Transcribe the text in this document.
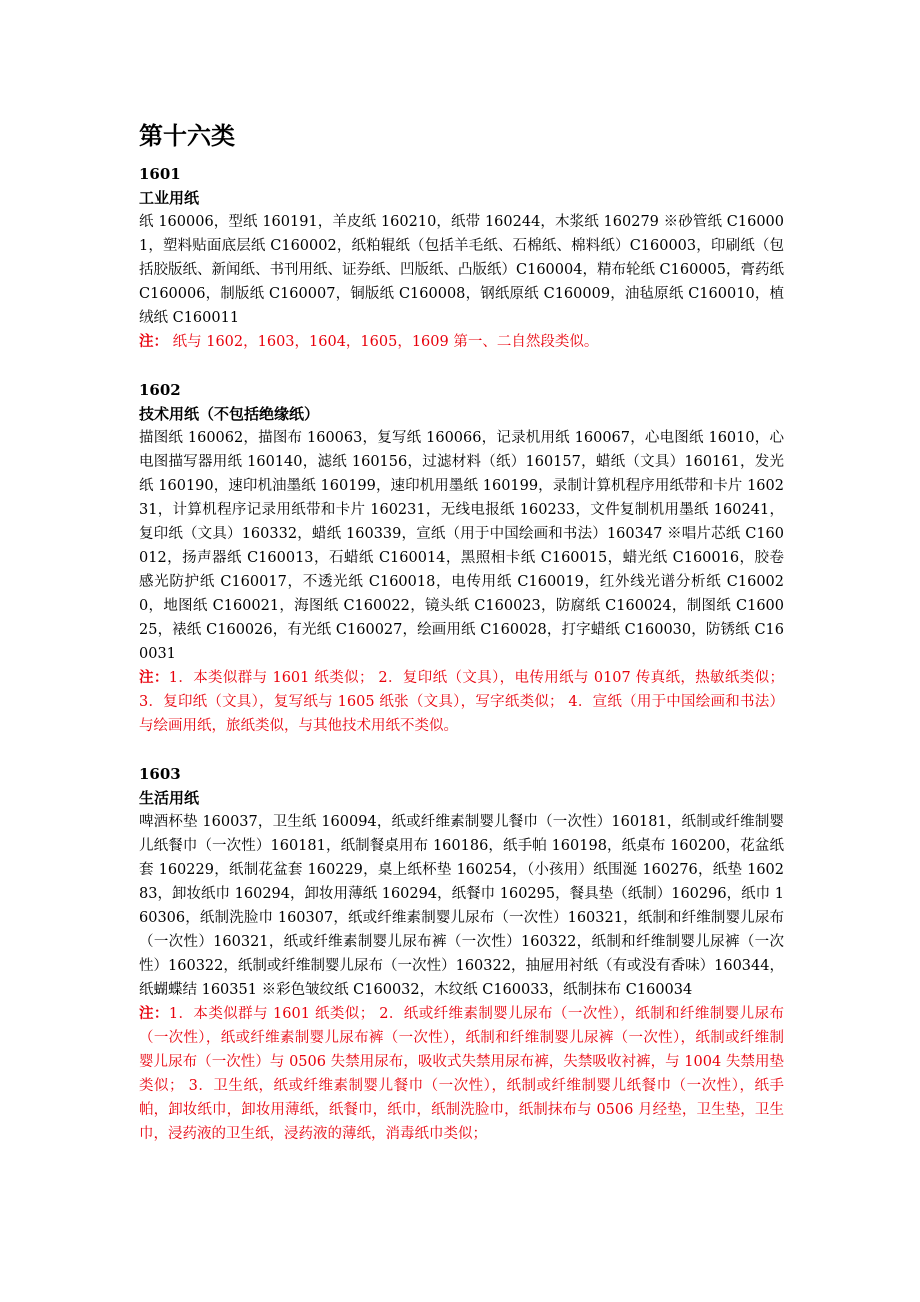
第十六类
1601
工业用纸
纸 160006，型纸 160191，羊皮纸 160210，纸带 160244，木浆纸 160279 ※砂管纸 C160001，塑料贴面底层纸 C160002，纸粕辊纸（包括羊毛纸、石棉纸、棉料纸）C160003，印刷纸（包括胶版纸、新闻纸、书刊用纸、证券纸、凹版纸、凸版纸）C160004，精布轮纸 C160005，膏药纸 C160006，制版纸 C160007，铜版纸 C160008，钢纸原纸 C160009，油毡原纸 C160010，植绒纸 C160011
注： 纸与 1602，1603，1604，1605，1609 第一、二自然段类似。
1602
技术用纸（不包括绝缘纸）
描图纸 160062，描图布 160063，复写纸 160066，记录机用纸 160067，心电图纸 16010，心电图描写器用纸 160140，滤纸 160156，过滤材料（纸）160157，蜡纸（文具）160161，发光纸 160190，速印机油墨纸 160199，速印机用墨纸 160199，录制计算机程序用纸带和卡片 160231，计算机程序记录用纸带和卡片 160231，无线电报纸 160233，文件复制机用墨纸 160241，复印纸（文具）160332，蜡纸 160339，宣纸（用于中国绘画和书法）160347 ※唱片芯纸 C160012，扬声器纸 C160013，石蜡纸 C160014，黑照相卡纸 C160015，蜡光纸 C160016，胶卷感光防护纸 C160017，不透光纸 C160018，电传用纸 C160019，红外线光谱分析纸 C160020，地图纸 C160021，海图纸 C160022，镜头纸 C160023，防腐纸 C160024，制图纸 C160025，裱纸 C160026，有光纸 C160027，绘画用纸 C160028，打字蜡纸 C160030，防锈纸 C160031
注：1．本类似群与 1601 纸类似； 2．复印纸（文具），电传用纸与 0107 传真纸，热敏纸类似； 3．复印纸（文具），复写纸与 1605 纸张（文具），写字纸类似； 4．宣纸（用于中国绘画和书法）与绘画用纸，旅纸类似，与其他技术用纸不类似。
1603
生活用纸
啤酒杯垫 160037，卫生纸 160094，纸或纤维素制婴儿餐巾（一次性）160181，纸制或纤维制婴儿纸餐巾（一次性）160181，纸制餐桌用布 160186，纸手帕 160198，纸桌布 160200，花盆纸套 160229，纸制花盆套 160229，桌上纸杯垫 160254，（小孩用）纸围涎 160276，纸垫 160283，卸妆纸巾 160294，卸妆用薄纸 160294，纸餐巾 160295，餐具垫（纸制）160296，纸巾 160306，纸制洗脸巾 160307，纸或纤维素制婴儿尿布（一次性）160321，纸制和纤维制婴儿尿布（一次性）160321，纸或纤维素制婴儿尿布裤（一次性）160322，纸制和纤维制婴儿尿裤（一次性）160322，纸制或纤维制婴儿尿布（一次性）160322，抽屉用衬纸（有或没有香味）160344，纸蝴蝶结 160351 ※彩色皱纹纸 C160032，木纹纸 C160033，纸制抹布 C160034
注：1．本类似群与 1601 纸类似； 2．纸或纤维素制婴儿尿布（一次性），纸制和纤维制婴儿尿布（一次性），纸或纤维素制婴儿尿布裤（一次性），纸制和纤维制婴儿尿裤（一次性），纸制或纤维制婴儿尿布（一次性）与 0506 失禁用尿布，吸收式失禁用尿布裤，失禁吸收衬裤，与 1004 失禁用垫类似； 3．卫生纸，纸或纤维素制婴儿餐巾（一次性），纸制或纤维制婴儿纸餐巾（一次性），纸手帕，卸妆纸巾，卸妆用薄纸，纸餐巾，纸巾，纸制洗脸巾，纸制抹布与 0506 月经垫，卫生垫，卫生巾，浸药液的卫生纸，浸药液的薄纸，消毒纸巾类似；
